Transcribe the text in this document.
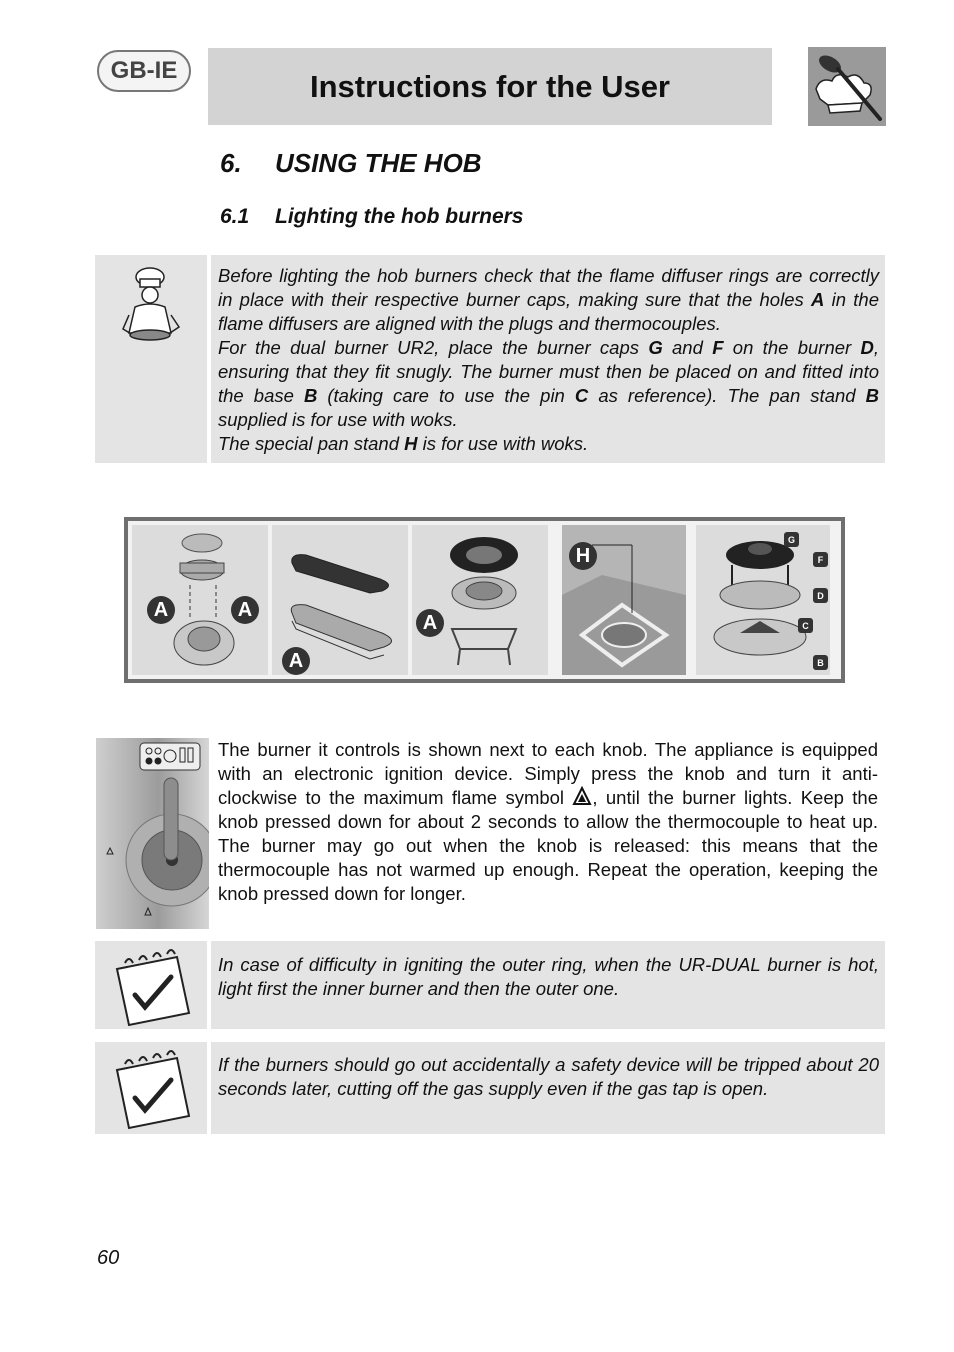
GB-IE	Instructions for the User
6. USING THE HOB
6.1 Lighting the hob burners
Before lighting the hob burners check that the flame diffuser rings are correctly in place with their respective burner caps, making sure that the holes A in the flame diffusers are aligned with the plugs and thermocouples.
For the dual burner UR2, place the burner caps G and F on the burner D, ensuring that they fit snugly. The burner must then be placed on and fitted into the base B (taking care to use the pin C as reference). The pan stand B supplied is for use with woks.
The special pan stand H is for use with woks.
A	A
A
A
H
G
F
D
C
B
The burner it controls is shown next to each knob. The appliance is equipped with an electronic ignition device. Simply press the knob and turn it anti-clockwise to the maximum flame symbol , until the burner lights. Keep the knob pressed down for about 2 seconds to allow the thermocouple to heat up. The burner may go out when the knob is released: this means that the thermocouple has not warmed up enough. Repeat the operation, keeping the knob pressed down for longer.
In case of difficulty in igniting the outer ring, when the UR-DUAL burner is hot, light first the inner burner and then the outer one.
If the burners should go out accidentally a safety device will be tripped about 20 seconds later, cutting off the gas supply even if the gas tap is open.
60
